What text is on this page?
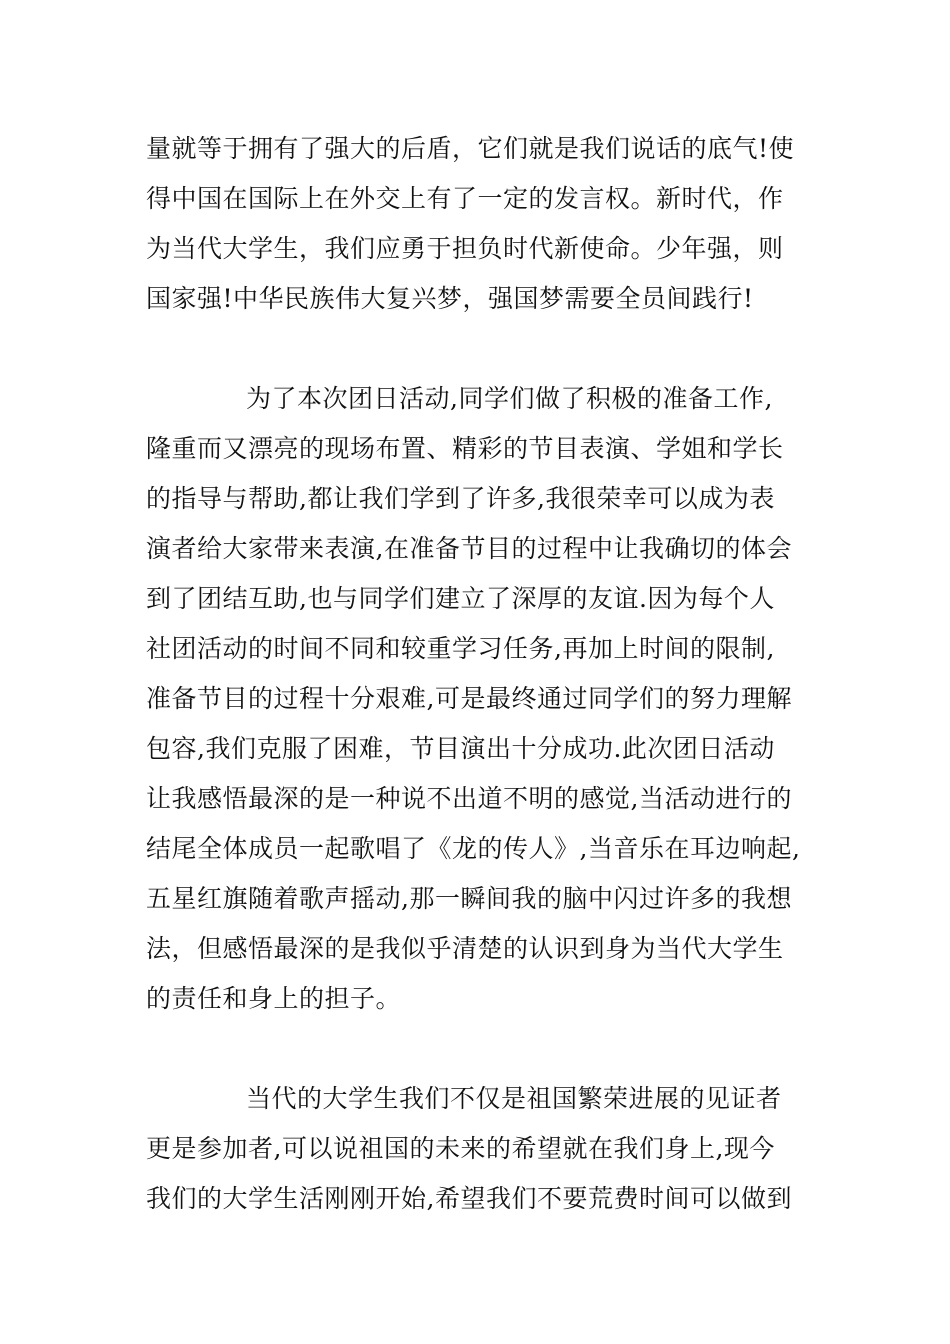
量就等于拥有了强大的后盾，它们就是我们说话的底气!使
得中国在国际上在外交上有了一定的发言权。新时代，作
为当代大学生，我们应勇于担负时代新使命。少年强，则
国家强!中华民族伟大复兴梦，强国梦需要全员间践行!
为了本次团日活动,同学们做了积极的准备工作,
隆重而又漂亮的现场布置、精彩的节目表演、学姐和学长
的指导与帮助,都让我们学到了许多,我很荣幸可以成为表
演者给大家带来表演,在准备节目的过程中让我确切的体会
到了团结互助,也与同学们建立了深厚的友谊.因为每个人
社团活动的时间不同和较重学习任务,再加上时间的限制,
准备节目的过程十分艰难,可是最终通过同学们的努力理解
包容,我们克服了困难，节目演出十分成功.此次团日活动
让我感悟最深的是一种说不出道不明的感觉,当活动进行的
结尾全体成员一起歌唱了《龙的传人》,当音乐在耳边响起,
五星红旗随着歌声摇动,那一瞬间我的脑中闪过许多的我想
法，但感悟最深的是我似乎清楚的认识到身为当代大学生
的责任和身上的担子。
当代的大学生我们不仅是祖国繁荣进展的见证者
更是参加者,可以说祖国的未来的希望就在我们身上,现今
我们的大学生活刚刚开始,希望我们不要荒费时间可以做到
